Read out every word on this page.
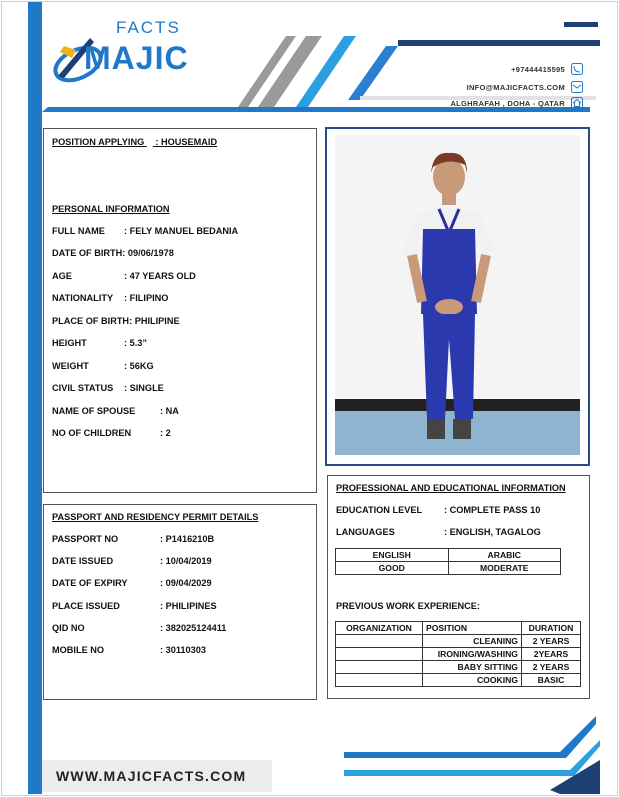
FACTS
MAJIC	+97444415595
INFO@MAJICFACTS.COM
ALGHRAFAH , DOHA - QATAR
POSITION APPLYING : HOUSEMAID
PERSONAL INFORMATION
FULL NAME : FELY MANUEL BEDANIA
DATE OF BIRTH: 09/06/1978
AGE	: 47 YEARS OLD
NATIONALITY : FILIPINO
PLACE OF BIRTH: PHILIPINE
HEIGHT	: 5.3”
WEIGHT	: 56KG
CIVIL STATUS : SINGLE
NAME OF SPOUSE	: NA
NO OF CHILDREN	: 2
PASSPORT AND RESIDENCY PERMIT DETAILS
PASSPORT NO	: P1416210B
DATE ISSUED	: 10/04/2019
DATE OF EXPIRY	: 09/04/2029
PLACE ISSUED	: PHILIPINES
QID NO	: 382025124411
MOBILE NO	: 30110303
PROFESSIONAL AND EDUCATIONAL INFORMATION
EDUCATION LEVEL : COMPLETE PASS 10
LANGUAGES	: ENGLISH, TAGALOG
ENGLISH	ARABIC
GOOD	MODERATE
PREVIOUS WORK EXPERIENCE:
ORGANIZATION	POSITION	DURATION
	CLEANING	2 YEARS
	IRONING/WASHING	2YEARS
	BABY SITTING	2 YEARS
	COOKING	BASIC
WWW.MAJICFACTS.COM
